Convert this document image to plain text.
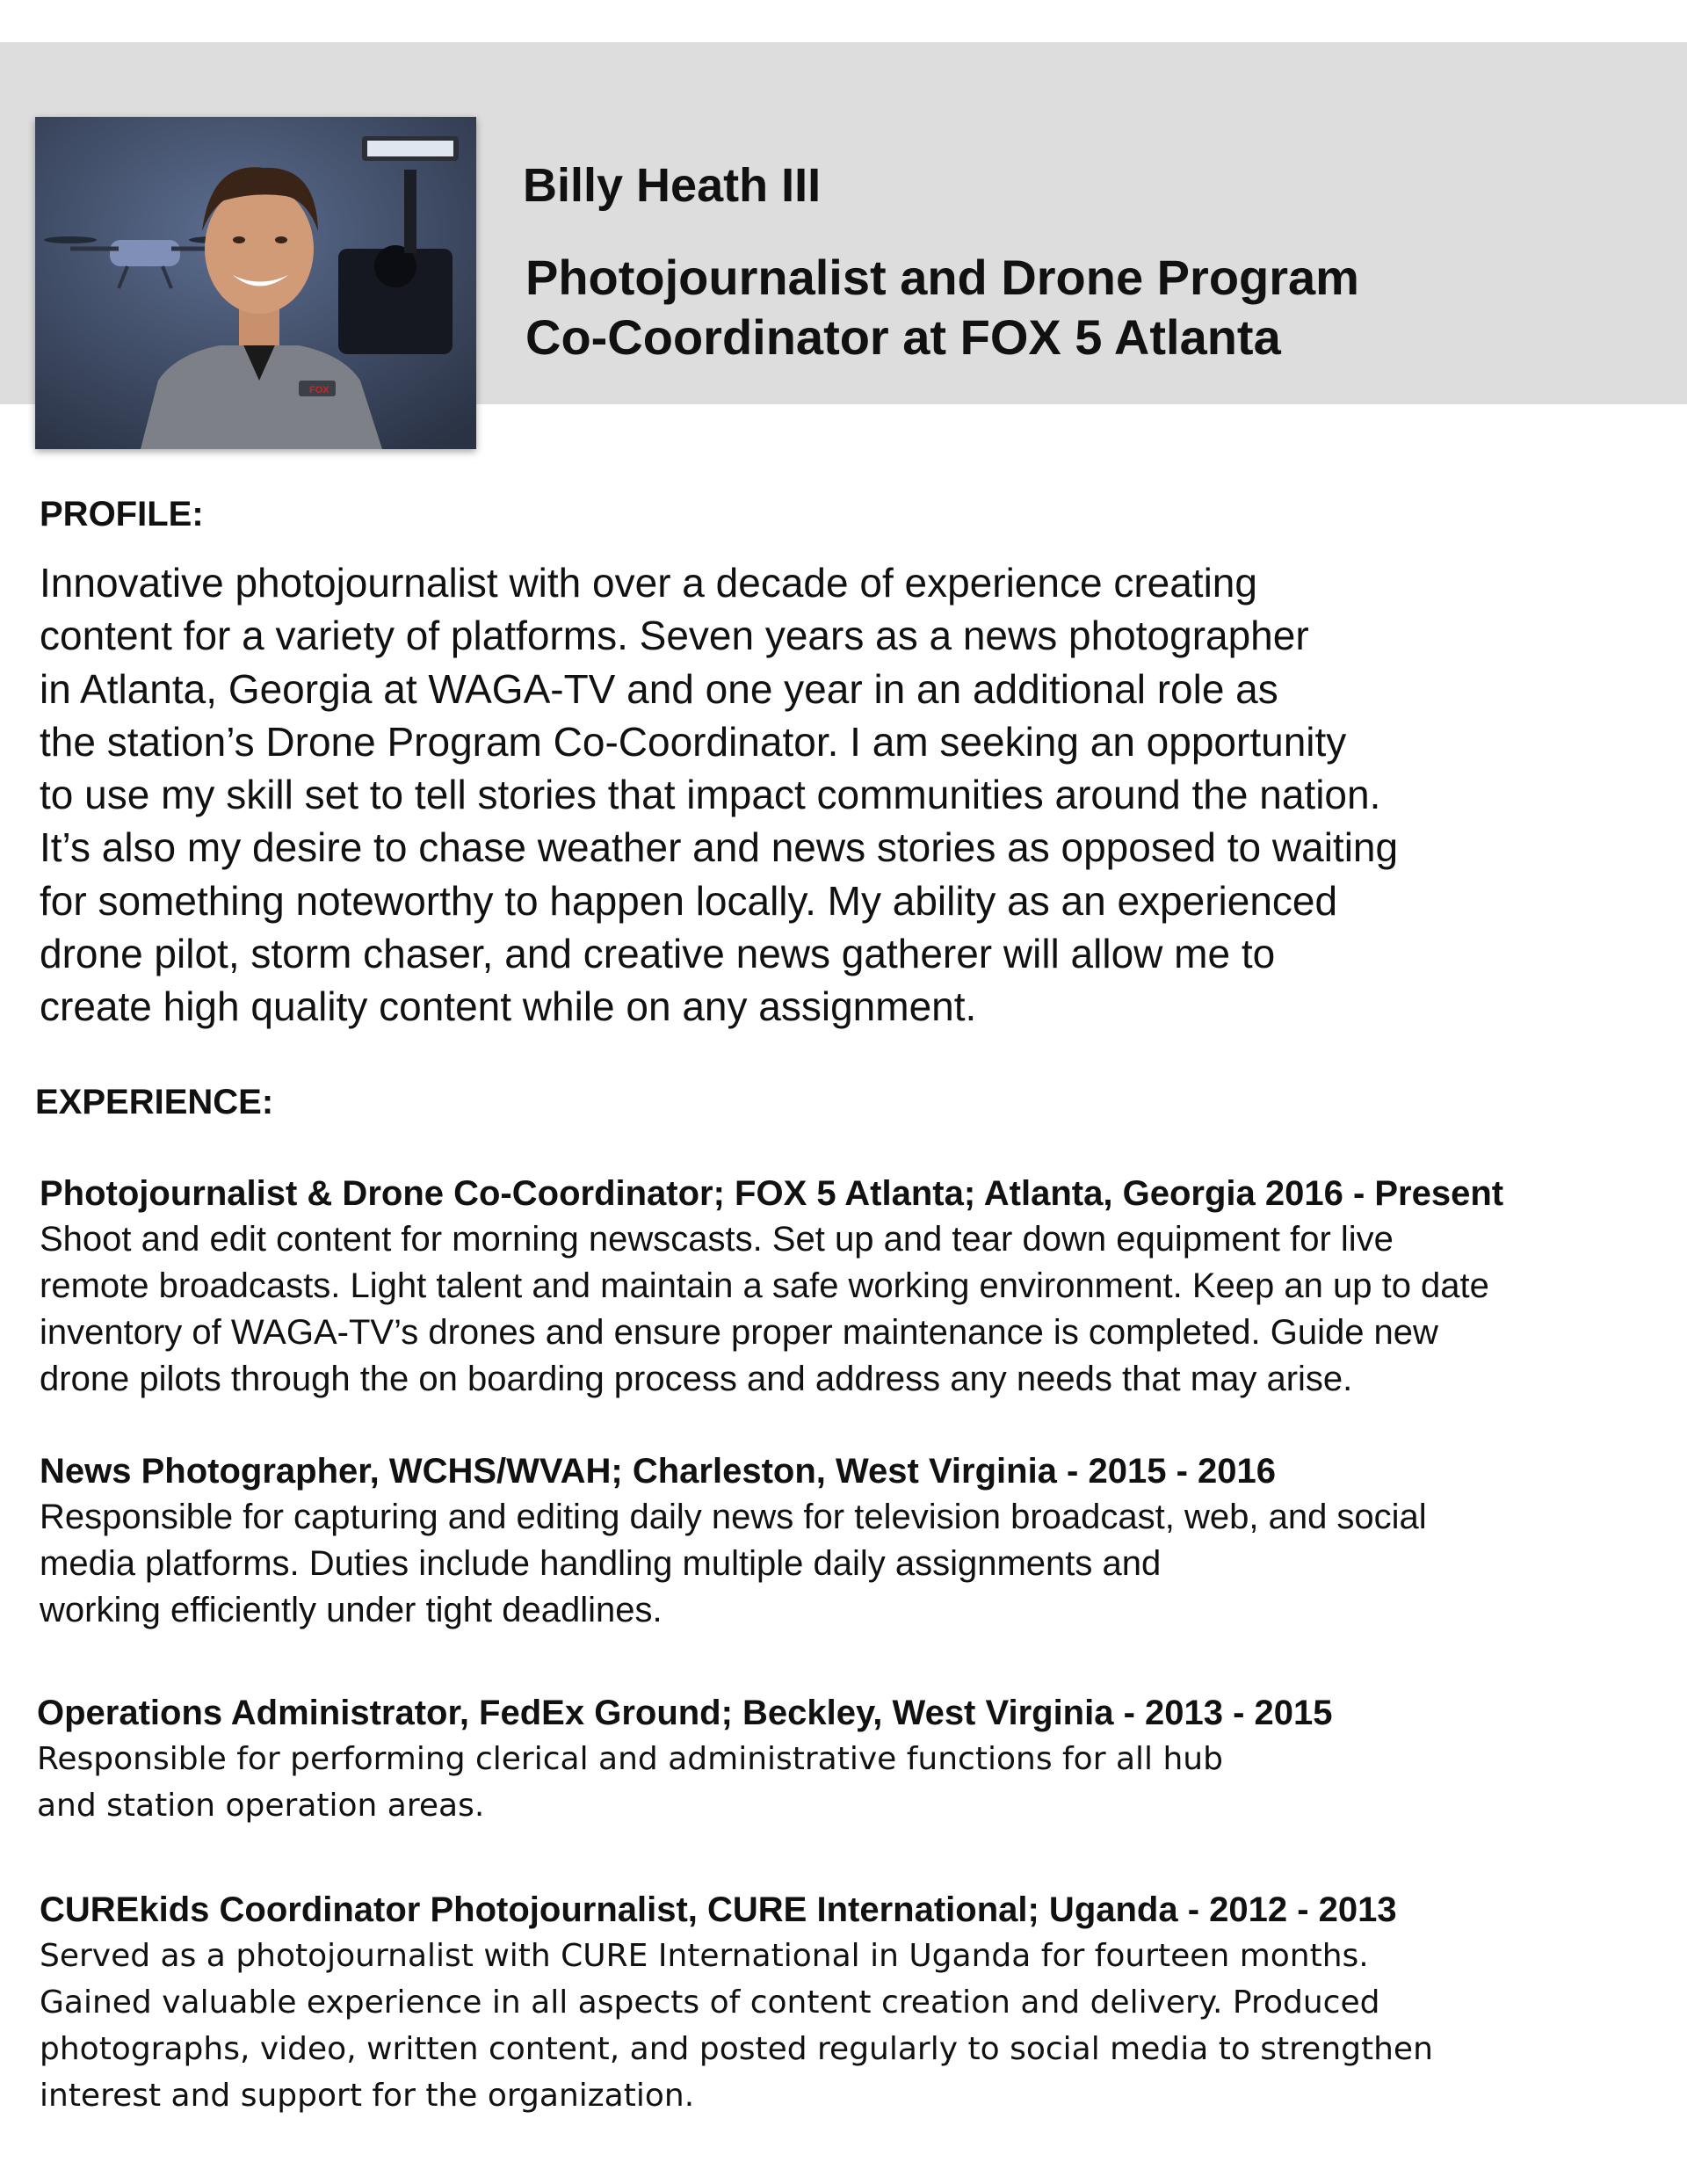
FOX
Billy Heath III
Photojournalist and Drone Program
Co-Coordinator at FOX 5 Atlanta
PROFILE:
Innovative photojournalist with over a decade of experience creating
content for a variety of platforms. Seven years as a news photographer
in Atlanta, Georgia at WAGA-TV and one year in an additional role as
the station’s Drone Program Co-Coordinator. I am seeking an opportunity
to use my skill set to tell stories that impact communities around the nation.
It’s also my desire to chase weather and news stories as opposed to waiting
for something noteworthy to happen locally. My ability as an experienced
drone pilot, storm chaser, and creative news gatherer will allow me to
create high quality content while on any assignment.
EXPERIENCE:
Photojournalist & Drone Co-Coordinator; FOX 5 Atlanta; Atlanta, Georgia 2016 - Present
Shoot and edit content for morning newscasts. Set up and tear down equipment for live
remote broadcasts. Light talent and maintain a safe working environment. Keep an up to date
inventory of WAGA-TV’s drones and ensure proper maintenance is completed. Guide new
drone pilots through the on boarding process and address any needs that may arise.
News Photographer, WCHS/WVAH; Charleston, West Virginia - 2015 - 2016
Responsible for capturing and editing daily news for television broadcast, web, and social
media platforms. Duties include handling multiple daily assignments and
working efficiently under tight deadlines.
Operations Administrator, FedEx Ground; Beckley, West Virginia - 2013 - 2015
Responsible for performing clerical and administrative functions for all hub
and station operation areas.
CUREkids Coordinator Photojournalist, CURE International; Uganda - 2012 - 2013
Served as a photojournalist with CURE International in Uganda for fourteen months.
Gained valuable experience in all aspects of content creation and delivery. Produced
photographs, video, written content, and posted regularly to social media to strengthen
interest and support for the organization.
